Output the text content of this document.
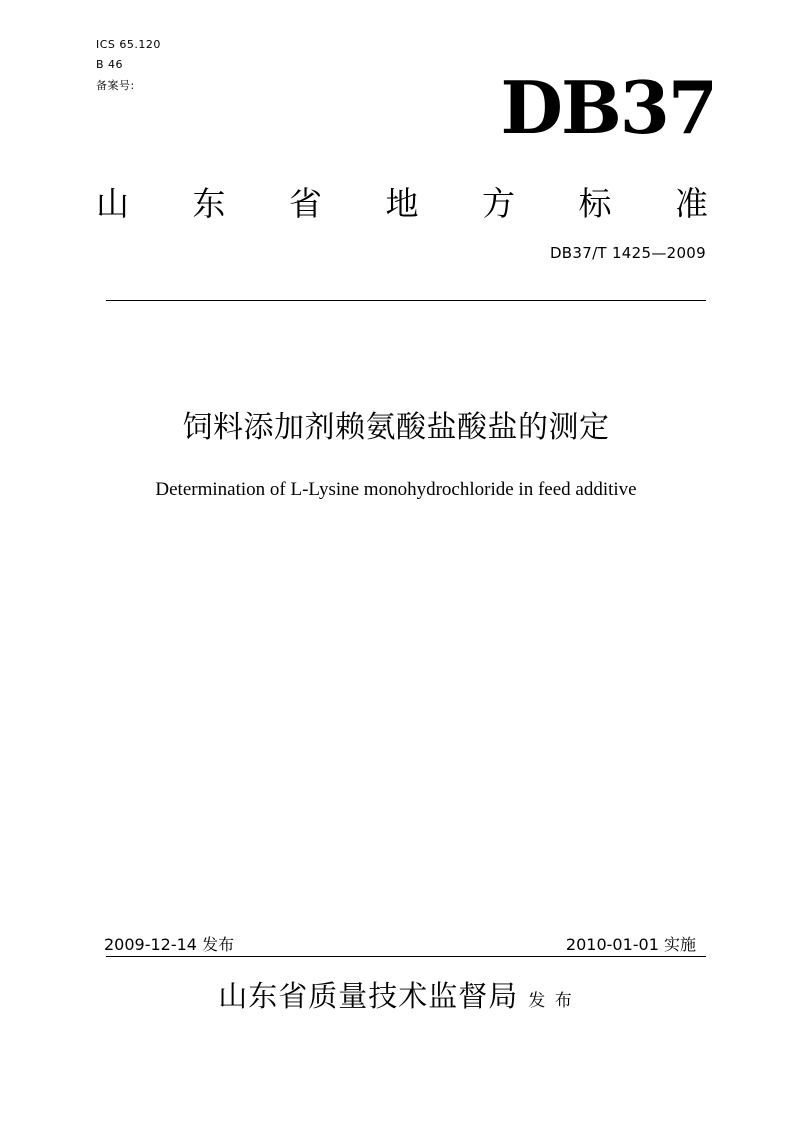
ICS 65.120
B 46
备案号:	DB37
山 东 省 地 方 标 准
DB37/T 1425—2009
饲料添加剂赖氨酸盐酸盐的测定
Determination of L-Lysine monohydrochloride in feed additive
2009-12-14 发布	2010-01-01 实施
山东省质量技术监督局 发 布
